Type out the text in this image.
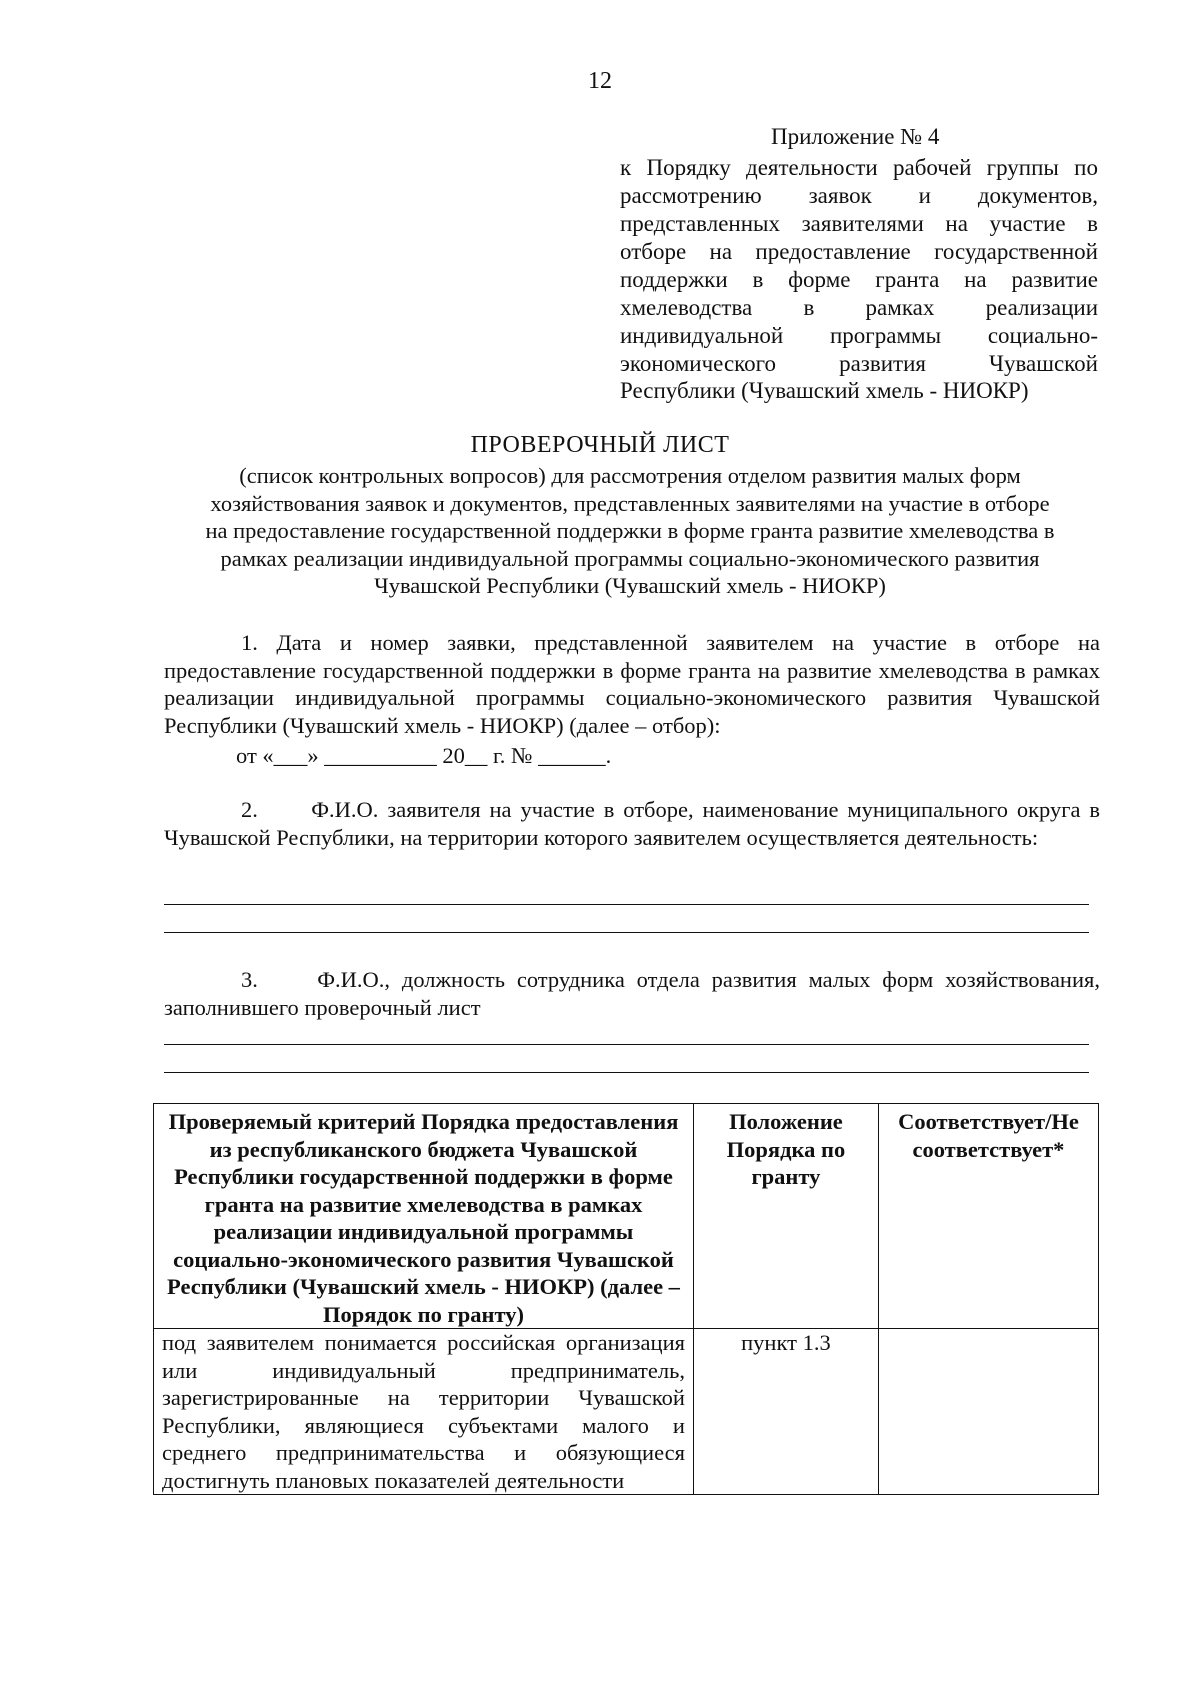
12
Приложение № 4
к Порядку деятельности рабочей группы по
рассмотрению заявок и документов,
представленных заявителями на участие в
отборе на предоставление государственной
поддержки в форме гранта на развитие
хмелеводства в рамках реализации
индивидуальной программы социально-
экономического развития Чувашской
Республики (Чувашский хмель - НИОКР)
ПРОВЕРОЧНЫЙ ЛИСТ
(список контрольных вопросов) для рассмотрения отделом развития малых форм
хозяйствования заявок и документов, представленных заявителями на участие в отборе
на предоставление государственной поддержки в форме гранта развитие хмелеводства в
рамках реализации индивидуальной программы социально-экономического развития
Чувашской Республики (Чувашский хмель - НИОКР)
1. Дата и номер заявки, представленной заявителем на участие в отборе на предоставление государственной поддержки в форме гранта на развитие хмелеводства в рамках реализации индивидуальной программы социально-экономического развития Чувашской Республики (Чувашский хмель - НИОКР) (далее – отбор):
от «___» __________ 20__ г. № ______.
2.      Ф.И.О. заявителя на участие в отборе, наименование муниципального округа в Чувашской Республики, на территории которого заявителем осуществляется деятельность:
3.     Ф.И.О., должность сотрудника отдела развития малых форм хозяйствования, заполнившего проверочный лист
Проверяемый критерий Порядка предоставления из республиканского бюджета Чувашской Республики государственной поддержки в форме гранта на развитие хмелеводства в рамках реализации индивидуальной программы социально-экономического развития Чувашской Республики (Чувашский хмель - НИОКР) (далее – Порядок по гранту)	Положение Порядка по гранту	Соответствует/Не соответствует*
под заявителем понимается российская организация или индивидуальный предприниматель, зарегистрированные на территории Чувашской Республики, являющиеся субъектами малого и среднего предпринимательства и обязующиеся достигнуть плановых показателей деятельности	пункт 1.3	
